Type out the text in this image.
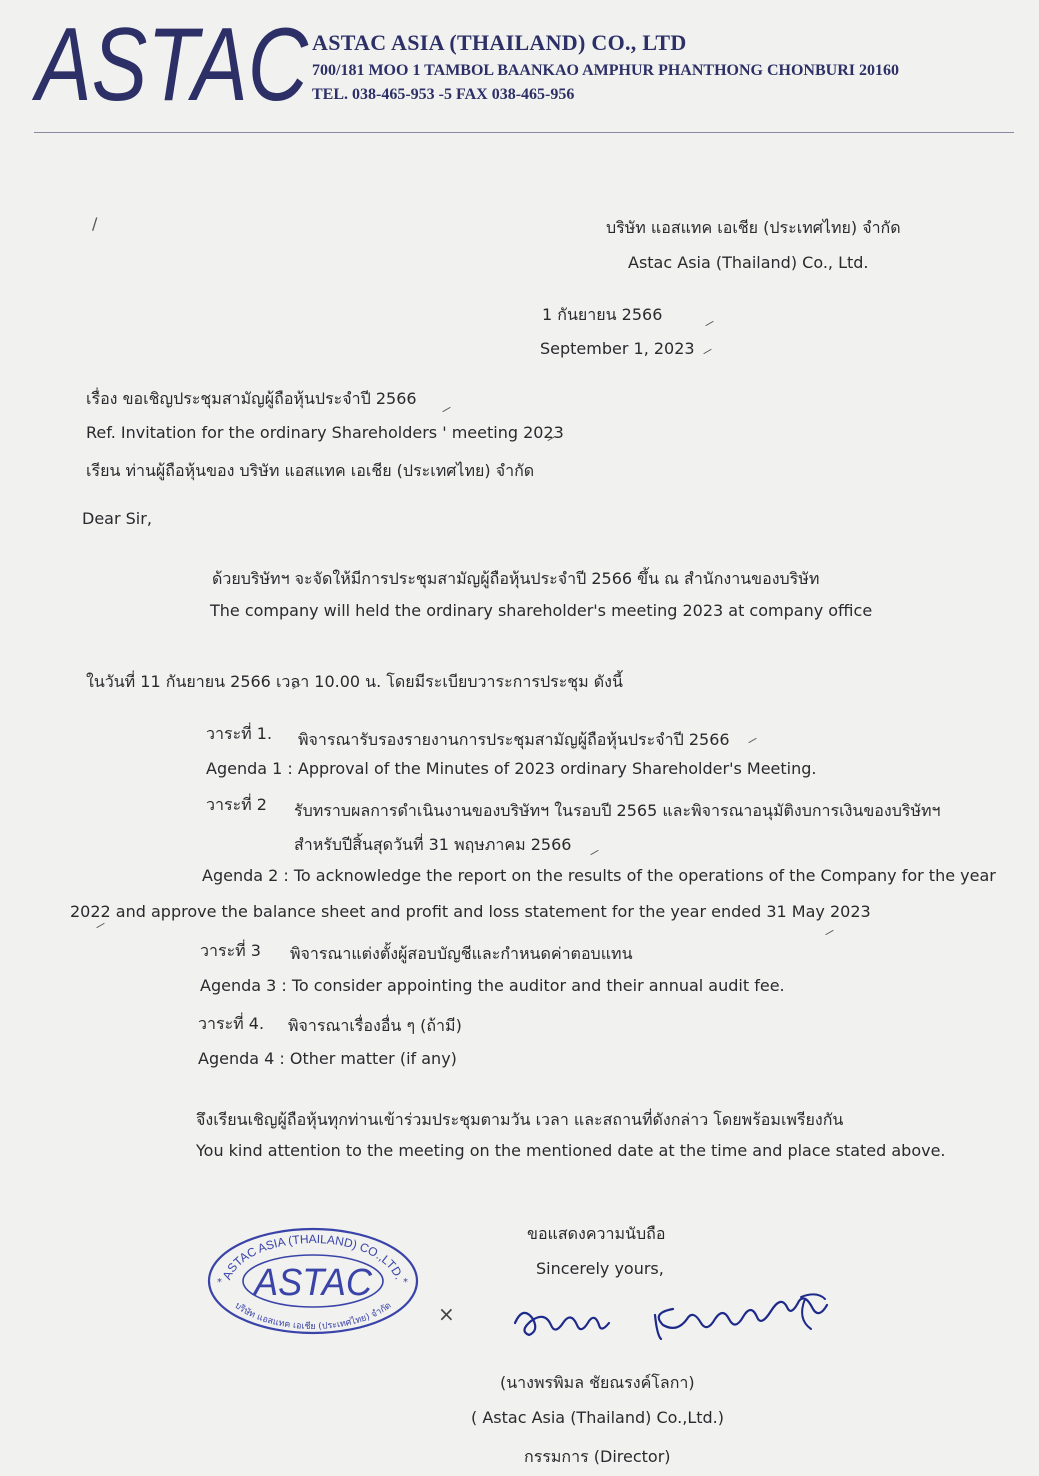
ASTAC ASTAC ASIA (THAILAND) CO., LTD
700/181 MOO 1 TAMBOL BAANKAO AMPHUR PHANTHONG CHONBURI 20160
TEL. 038-465-953 -5 FAX 038-465-956
/	บริษัท แอสแทค เอเชีย (ประเทศไทย) จำกัด
Astac Asia (Thailand) Co., Ltd.
1 กันยายน 2566
September 1, 2023
เรื่อง ขอเชิญประชุมสามัญผู้ถือหุ้นประจำปี 2566
Ref. Invitation for the ordinary Shareholders ' meeting 2023
เรียน ท่านผู้ถือหุ้นของ บริษัท แอสแทค เอเชีย (ประเทศไทย) จำกัด
Dear Sir,
ด้วยบริษัทฯ จะจัดให้มีการประชุมสามัญผู้ถือหุ้นประจำปี 2566 ขึ้น ณ สำนักงานของบริษัท
The company will held the ordinary shareholder's meeting 2023 at company office
ในวันที่ 11 กันยายน 2566 เวลา 10.00 น. โดยมีระเบียบวาระการประชุม ดังนี้
วาระที่ 1. พิจารณารับรองรายงานการประชุมสามัญผู้ถือหุ้นประจำปี 2566
Agenda 1 : Approval of the Minutes of 2023 ordinary Shareholder's Meeting.
วาระที่ 2 รับทราบผลการดำเนินงานของบริษัทฯ ในรอบปี 2565 และพิจารณาอนุมัติงบการเงินของบริษัทฯ
สำหรับปีสิ้นสุดวันที่ 31 พฤษภาคม 2566
Agenda 2 : To acknowledge the report on the results of the operations of the Company for the year
2022 and approve the balance sheet and profit and loss statement for the year ended 31 May 2023
วาระที่ 3 พิจารณาแต่งตั้งผู้สอบบัญชีและกำหนดค่าตอบแทน
Agenda 3 : To consider appointing the auditor and their annual audit fee.
วาระที่ 4. พิจารณาเรื่องอื่น ๆ (ถ้ามี)
Agenda 4 : Other matter (if any)
จึงเรียนเชิญผู้ถือหุ้นทุกท่านเข้าร่วมประชุมตามวัน เวลา และสถานที่ดังกล่าว โดยพร้อมเพรียงกัน
You kind attention to the meeting on the mentioned date at the time and place stated above.
ขอแสดงความนับถือ
Sincerely yours,
ASTAC ASIA (THAILAND) CO.,LTD.
ASTAC
บริษัท แอสแทค เอเชีย (ประเทศไทย) จำกัด
*	*
×
(นางพรพิมล ชัยณรงค์โลกา)
( Astac Asia (Thailand) Co.,Ltd.)
กรรมการ (Director)
